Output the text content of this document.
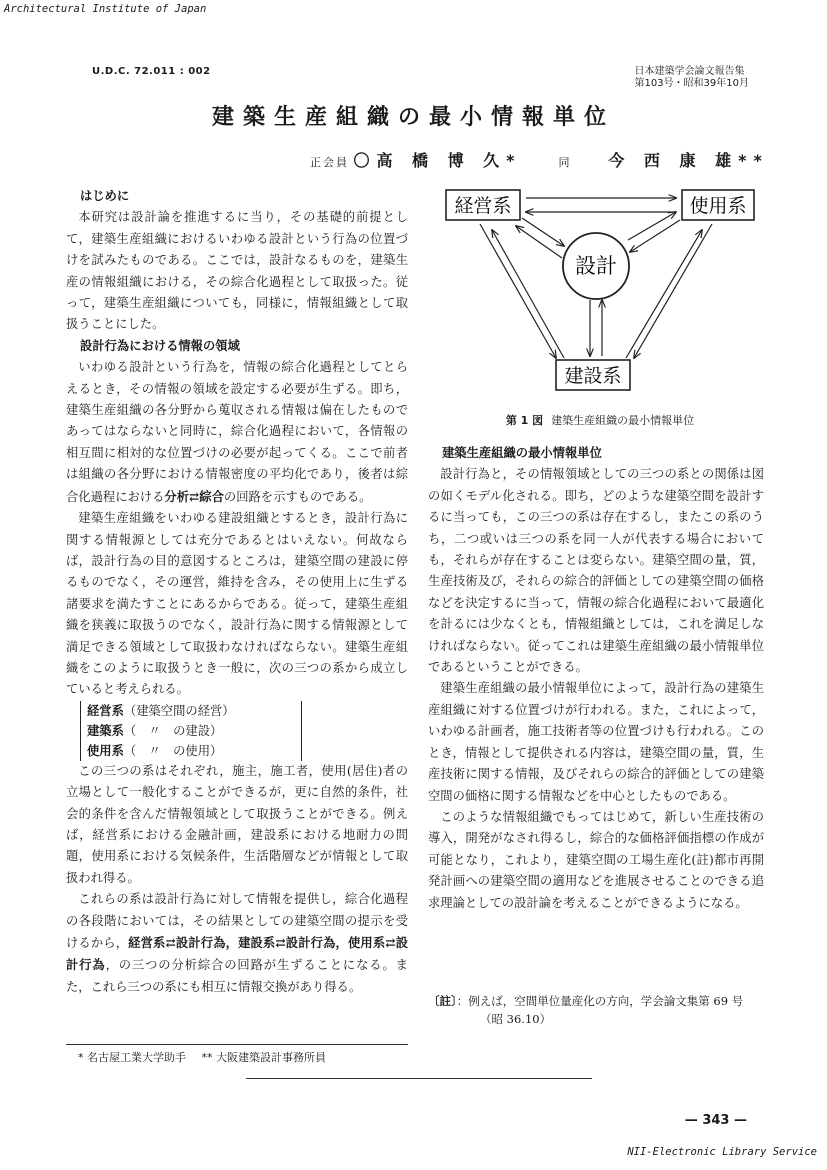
Architectural Institute of Japan
U.D.C. 72.011 : 002	日本建築学会論文報告集
第103号・昭和39年10月
建築生産組織の最小情報単位
正会員 〇高 橋 博 久*	同 今 西 康 雄**
はじめに

本研究は設計論を推進するに当り，その基礎的前提として，建築生産組織におけるいわゆる設計という行為の位置づけを試みたものである。ここでは，設計なるものを，建築生産の情報組織における，その綜合化過程として取扱った。従って，建築生産組織についても，同様に，情報組織として取扱うことにした。

設計行為における情報の領域

いわゆる設計という行為を，情報の綜合化過程としてとらえるとき，その情報の領域を設定する必要が生ずる。即ち，建築生産組織の各分野から蒐収される情報は偏在したものであってはならないと同時に，綜合化過程において，各情報の相互間に相対的な位置づけの必要が起ってくる。ここで前者は組織の各分野における情報密度の平均化であり，後者は綜合化過程における分析⇄綜合の回路を示すものである。

建築生産組織をいわゆる建設組織とするとき，設計行為に関する情報源としては充分であるとはいえない。何故ならば，設計行為の目的意図するところは，建築空間の建設に停るものでなく，その運営，維持を含み，その使用上に生ずる諸要求を満たすことにあるからである。従って，建築生産組織を狭義に取扱うのでなく，設計行為に関する情報源として満足できる領域として取扱わなければならない。建築生産組織をこのように取扱うとき一般に，次の三つの系から成立していると考えられる。

経営系（建築空間の経営）
建築系（　〃　の建設）
使用系（　〃　の使用）

この三つの系はそれぞれ，施主，施工者，使用(居住)者の立場として一般化することができるが，更に自然的条件，社会的条件を含んだ情報領域として取扱うことができる。例えば，経営系における金融計画，建設系における地耐力の問題，使用系における気候条件，生活階層などが情報として取扱われ得る。

これらの系は設計行為に対して情報を提供し，綜合化過程の各段階においては，その結果としての建築空間の提示を受けるから，経営系⇄設計行為，建設系⇄設計行為，使用系⇄設計行為，の三つの分析綜合の回路が生ずることになる。また，これら三つの系にも相互に情報交換があり得る。

* 名古屋工業大学助手 ** 大阪建築設計事務所員
経営系	使用系
建設系
設計
第 1 図 建築生産組織の最小情報単位
建築生産組織の最小情報単位

設計行為と，その情報領域としての三つの系との関係は図の如くモデル化される。即ち，どのような建築空間を設計するに当っても，この三つの系は存在するし，またこの系のうち，二つ或いは三つの系を同一人が代表する場合においても，それらが存在することは変らない。建築空間の量，質，生産技術及び，それらの綜合的評価としての建築空間の価格などを決定するに当って，情報の綜合化過程において最適化を計るには少なくとも，情報組織としては，これを満足しなければならない。従ってこれは建築生産組織の最小情報単位であるということができる。

建築生産組織の最小情報単位によって，設計行為の建築生産組織に対する位置づけが行われる。また，これによって，いわゆる計画者，施工技術者等の位置づけも行われる。このとき，情報として提供される内容は，建築空間の量，質，生産技術に関する情報，及びそれらの綜合的評価としての建築空間の価格に関する情報などを中心としたものである。

このような情報組織でもってはじめて，新しい生産技術の導入，開発がなされ得るし，綜合的な価格評価指標の作成が可能となり，これより，建築空間の工場生産化(註)都市再開発計画への建築空間の適用などを進展させることのできる追求理論としての設計論を考えることができるようになる。

〔註〕：例えば，空間単位量産化の方向，学会論文集第 69 号
（昭 36.10）
— 343 —
NII-Electronic Library Service
